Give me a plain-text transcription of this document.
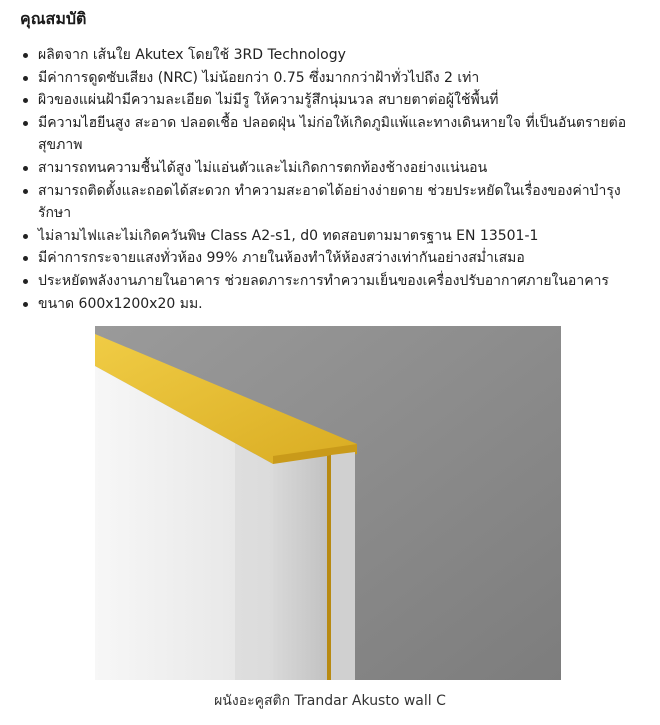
คุณสมบัติ
ผลิตจาก เส้นใย Akutex โดยใช้ 3RD Technology
มีค่าการดูดซับเสียง (NRC) ไม่น้อยกว่า 0.75 ซึ่งมากกว่าฝ้าทั่วไปถึง 2 เท่า
ผิวของแผ่นฝ้ามีความละเอียด ไม่มีรู ให้ความรู้สึกนุ่มนวล สบายตาต่อผู้ใช้พื้นที่
มีความไฮยีนสูง สะอาด ปลอดเชื้อ ปลอดฝุ่น ไม่ก่อให้เกิดภูมิแพ้และทางเดินหายใจ ที่เป็นอันตรายต่อสุขภาพ
สามารถทนความชื้นได้สูง ไม่แอ่นตัวและไม่เกิดการตกท้องช้างอย่างแน่นอน
สามารถติดตั้งและถอดได้สะดวก ทำความสะอาดได้อย่างง่ายดาย ช่วยประหยัดในเรื่องของค่าบำรุงรักษา
ไม่ลามไฟและไม่เกิดควันพิษ Class A2-s1, d0 ทดสอบตามมาตรฐาน EN 13501-1
มีค่าการกระจายแสงทั่วห้อง 99% ภายในห้องทำให้ห้องสว่างเท่ากันอย่างสม่ำเสมอ
ประหยัดพลังงานภายในอาคาร ช่วยลดภาระการทำความเย็นของเครื่องปรับอากาศภายในอาคาร
ขนาด 600x1200x20 มม.
ผนังอะคูสติก Trandar Akusto wall C
